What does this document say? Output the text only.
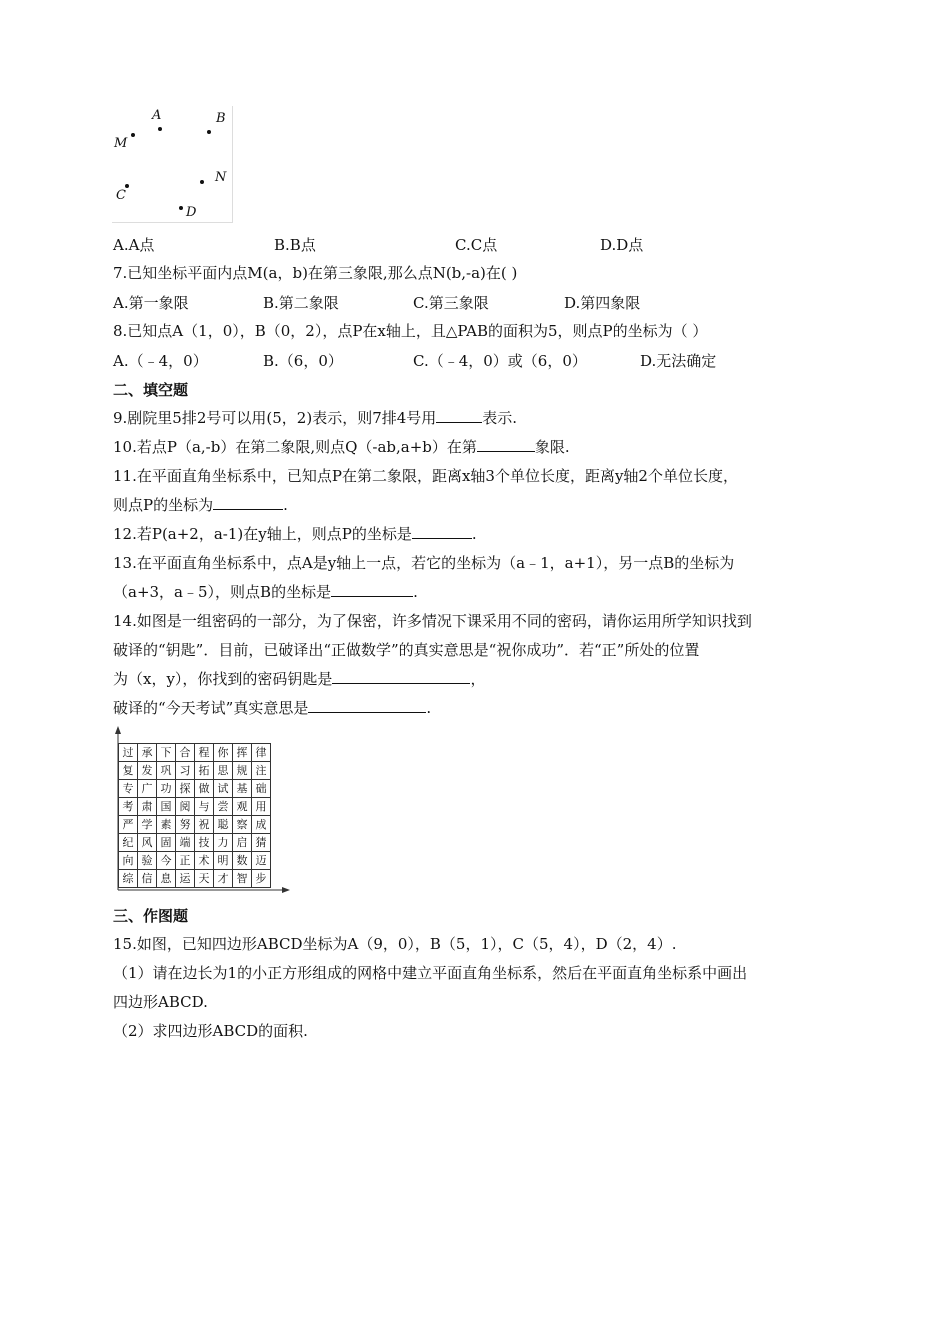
A	B
M
N
C
D
A.A点	B.B点	C.C点	D.D点
7.已知坐标平面内点M(a，b)在第三象限,那么点N(b,-a)在( )
A.第一象限	B.第二象限	C.第三象限	D.第四象限
8.已知点A（1，0），B（0，2），点P在x轴上，且△PAB的面积为5，则点P的坐标为（ ）
A.（﹣4，0）	B.（6，0）	C.（﹣4，0）或（6，0）	D.无法确定
二、填空题
9.剧院里5排2号可以用(5，2)表示，则7排4号用	表示.
10.若点P（a,-b）在第二象限,则点Q（-ab,a+b）在第	象限.
11.在平面直角坐标系中，已知点P在第二象限，距离x轴3个单位长度，距离y轴2个单位长度，
则点P的坐标为	.
12.若P(a+2，a-1)在y轴上，则点P的坐标是	.
13.在平面直角坐标系中，点A是y轴上一点，若它的坐标为（a﹣1，a+1），另一点B的坐标为
（a+3，a﹣5），则点B的坐标是	.
14.如图是一组密码的一部分，为了保密，许多情况下课采用不同的密码，请你运用所学知识找到
破译的“钥匙”．目前，已破译出“正做数学”的真实意思是“祝你成功”．若“正”所处的位置
为（x，y），你找到的密码钥匙是	，
破译的“今天考试”真实意思是	.
过	承	下	合	程	你	挥	律
复	发	巩	习	拓	思	规	注
专	广	功	探	做	试	基	础
考	肃	国	阅	与	尝	观	用
严	学	素	努	祝	聪	察	成
纪	风	固	端	技	力	启	猜
向	验	今	正	术	明	数	迈
综	信	息	运	天	才	智	步
三、作图题
15.如图，已知四边形ABCD坐标为A（9，0），B（5，1），C（5，4），D（2，4）.
（1）请在边长为1的小正方形组成的网格中建立平面直角坐标系，然后在平面直角坐标系中画出
四边形ABCD.
（2）求四边形ABCD的面积.
